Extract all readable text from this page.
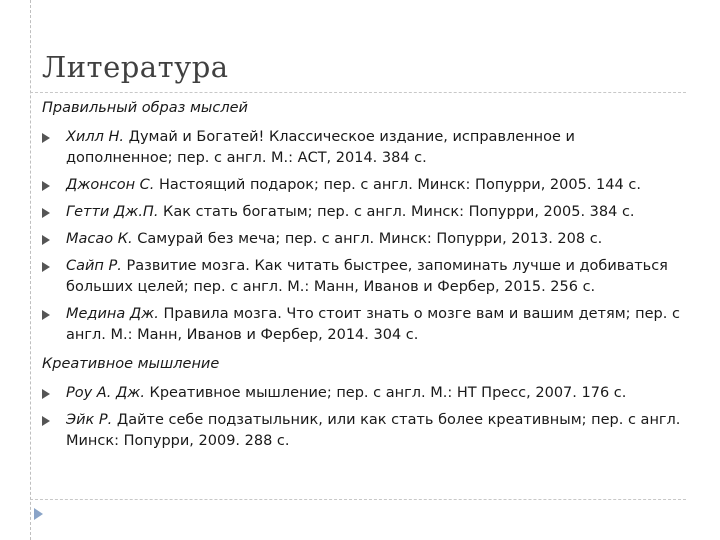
Литература
Правильный образ мыслей
Хилл Н. Думай и Богатей! Классическое издание, исправленное и дополненное; пер. с англ. М.: АСТ, 2014. 384 с.
Джонсон С. Настоящий подарок; пер. с англ. Минск: Попурри, 2005. 144 с.
Гетти Дж.П. Как стать богатым; пер. с англ. Минск: Попурри, 2005. 384 с.
Масао К. Самурай без меча; пер. с англ. Минск: Попурри, 2013. 208 с.
Сайп Р. Развитие мозга. Как читать быстрее, запоминать лучше и добиваться больших целей; пер. с англ. М.: Манн, Иванов и Фербер, 2015. 256 с.
Медина Дж. Правила мозга. Что стоит знать о мозге вам и вашим детям; пер. с англ. М.: Манн, Иванов и Фербер, 2014. 304 с.
Креативное мышление
Роу А. Дж. Креативное мышление; пер. с англ. М.: НТ Пресс, 2007. 176 с.
Эйк Р. Дайте себе подзатыльник, или как стать более креативным; пер. с англ. Минск: Попурри, 2009. 288 с.
